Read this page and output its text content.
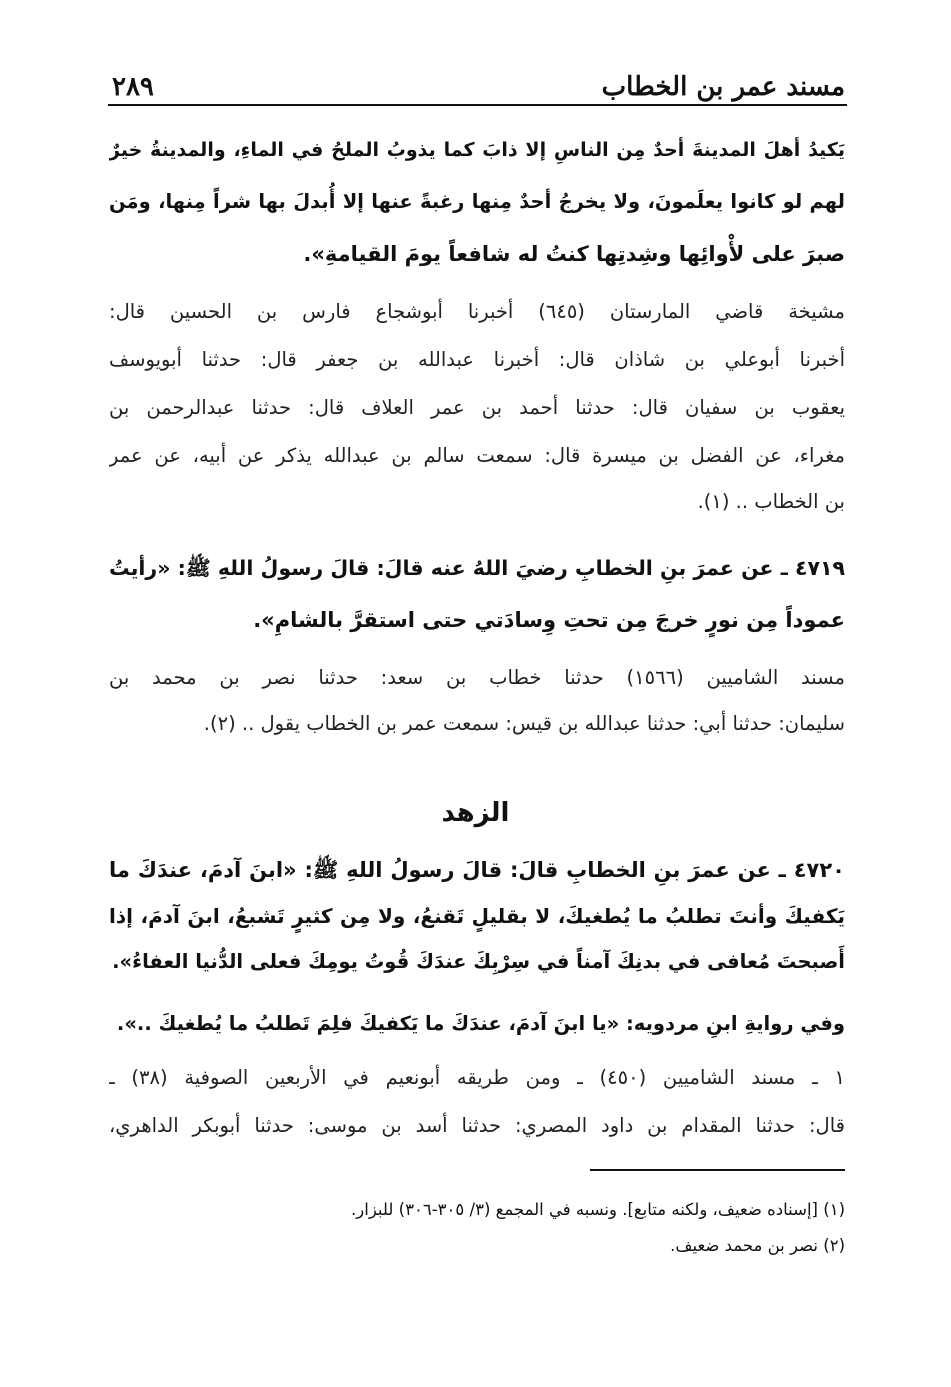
مسند عمر بن الخطاب
٢٨٩
يَكيدُ أهلَ المدينةَ أحدٌ مِن الناسِ إلا ذابَ كما يذوبُ الملحُ في الماءِ، والمدينةُ خيرٌ
لهم لو كانوا يعلَمونَ، ولا يخرجُ أحدٌ مِنها رغبةً عنها إلا أُبدلَ بها شراً مِنها، ومَن
صبرَ على لأْوائِها وشِدتِها كنتُ له شافعاً يومَ القيامةِ».
مشيخة قاضي المارستان (٦٤٥) أخبرنا أبوشجاع فارس بن الحسين قال:
أخبرنا أبوعلي بن شاذان قال: أخبرنا عبدالله بن جعفر قال: حدثنا أبويوسف
يعقوب بن سفيان قال: حدثنا أحمد بن عمر العلاف قال: حدثنا عبدالرحمن بن
مغراء، عن الفضل بن ميسرة قال: سمعت سالم بن عبدالله يذكر عن أبيه، عن عمر
بن الخطاب .. (١).
٤٧١٩ ـ عن عمرَ بنِ الخطابِ رضيَ اللهُ عنه قالَ: قالَ رسولُ اللهِ ﷺ: «رأيتُ
عموداً مِن نورٍ خرجَ مِن تحتِ وِسادَتي حتى استقرَّ بالشامِ».
مسند الشاميين (١٥٦٦) حدثنا خطاب بن سعد: حدثنا نصر بن محمد بن
سليمان: حدثنا أبي: حدثنا عبدالله بن قيس: سمعت عمر بن الخطاب يقول .. (٢).
٤٧٢٠ ـ عن عمرَ بنِ الخطابِ قالَ: قالَ رسولُ اللهِ ﷺ: «ابنَ آدمَ، عندَكَ ما
يَكفيكَ وأنتَ تطلبُ ما يُطغيكَ، لا بقليلٍ تَقنعُ، ولا مِن كثيرٍ تَشبعُ، ابنَ آدمَ، إذا
أَصبحتَ مُعافى في بدنِكَ آمناً في سِرْبِكَ عندَكَ قُوتُ يومِكَ فعلى الدُّنيا العفاءُ».
وفي روايةِ ابنِ مردويه: «يا ابنَ آدمَ، عندَكَ ما يَكفيكَ فلِمَ تَطلبُ ما يُطغيكَ ..».
١ ـ مسند الشاميين (٤٥٠) ـ ومن طريقه أبونعيم في الأربعين الصوفية (٣٨) ـ
قال: حدثنا المقدام بن داود المصري: حدثنا أسد بن موسى: حدثنا أبوبكر الداهري،
الزهد
(١) [إسناده ضعيف، ولكنه متابع]. ونسبه في المجمع (٣/ ٣٠٥-٣٠٦) للبزار.
(٢) نصر بن محمد ضعيف.
